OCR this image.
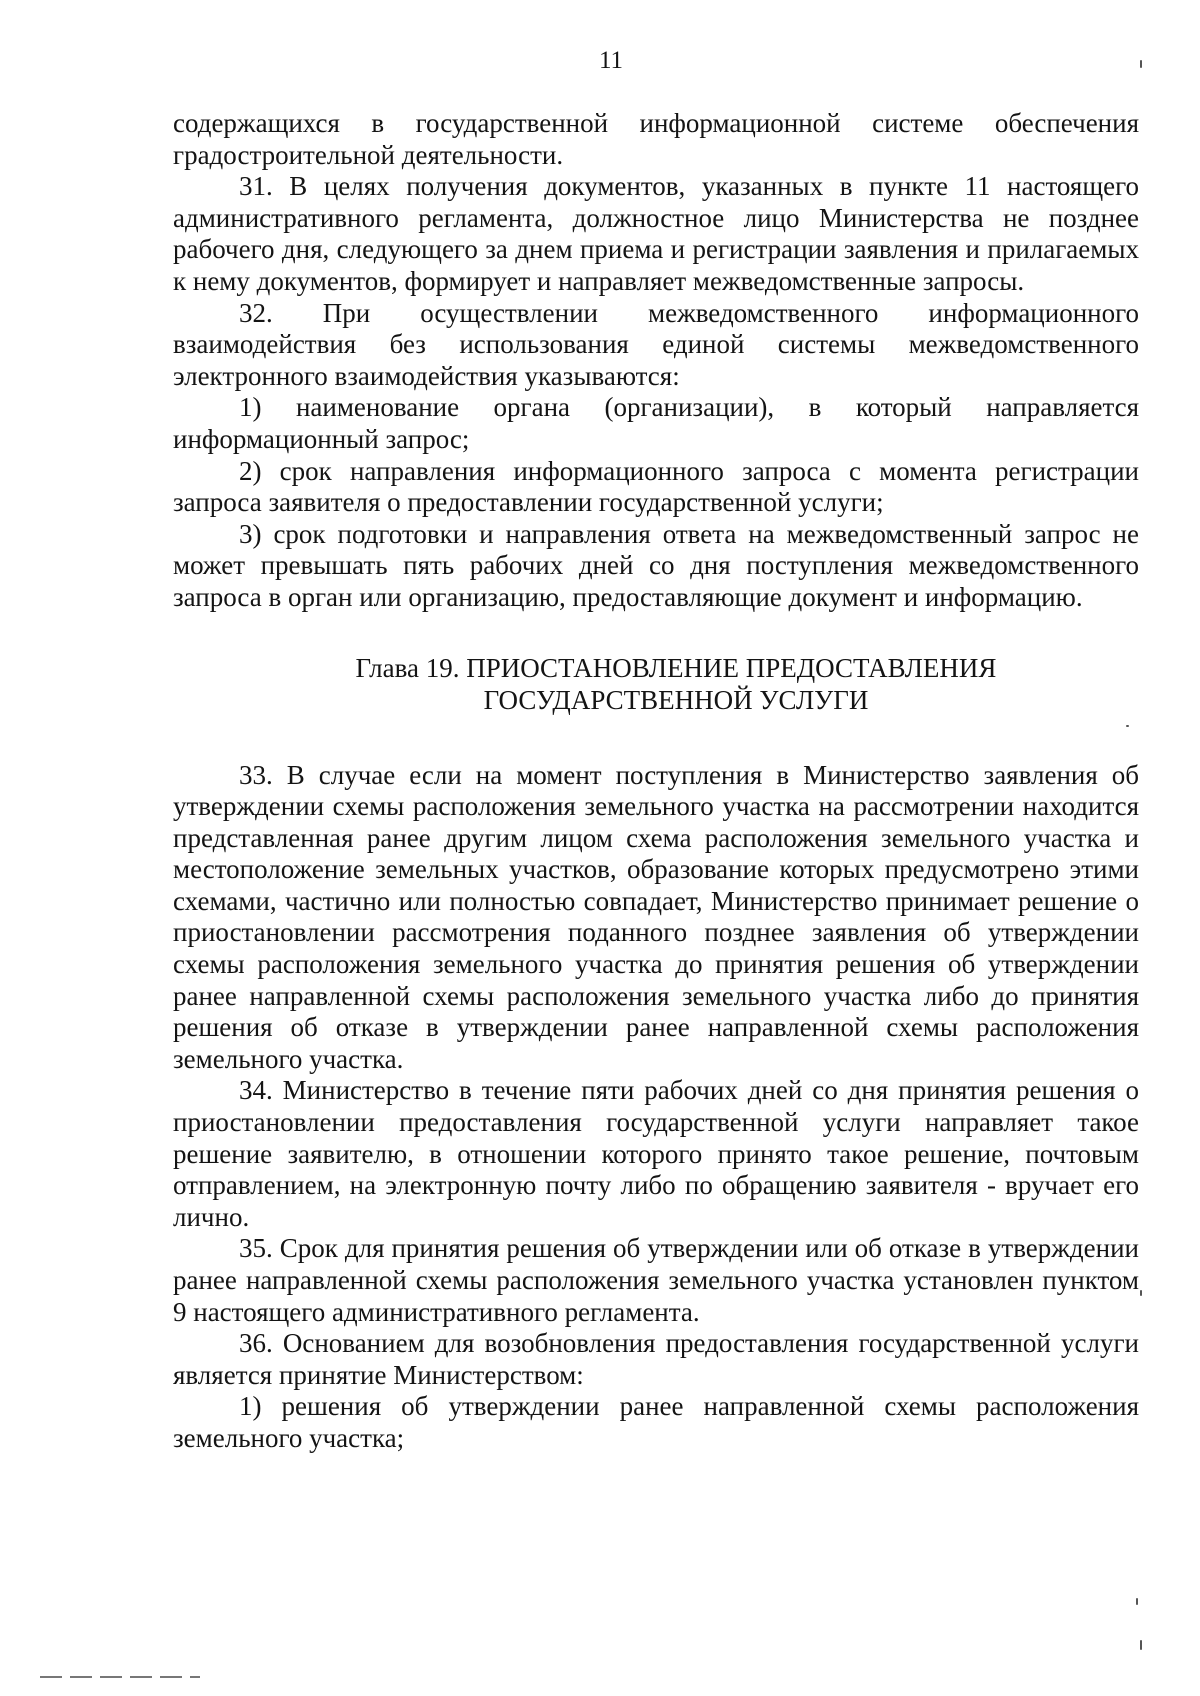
11

содержащихся в государственной информационной системе обеспечения градостроительной деятельности.

31. В целях получения документов, указанных в пункте 11 настоящего административного регламента, должностное лицо Министерства не позднее рабочего дня, следующего за днем приема и регистрации заявления и прилагаемых к нему документов, формирует и направляет межведомственные запросы.

32. При осуществлении межведомственного информационного взаимодействия без использования единой системы межведомственного электронного взаимодействия указываются:

1) наименование органа (организации), в который направляется информационный запрос;

2) срок направления информационного запроса с момента регистрации запроса заявителя о предоставлении государственной услуги;

3) срок подготовки и направления ответа на межведомственный запрос не может превышать пять рабочих дней со дня поступления межведомственного запроса в орган или организацию, предоставляющие документ и информацию.

Глава 19. ПРИОСТАНОВЛЕНИЕ ПРЕДОСТАВЛЕНИЯ
ГОСУДАРСТВЕННОЙ УСЛУГИ

33. В случае если на момент поступления в Министерство заявления об утверждении схемы расположения земельного участка на рассмотрении находится представленная ранее другим лицом схема расположения земельного участка и местоположение земельных участков, образование которых предусмотрено этими схемами, частично или полностью совпадает, Министерство принимает решение о приостановлении рассмотрения поданного позднее заявления об утверждении схемы расположения земельного участка до принятия решения об утверждении ранее направленной схемы расположения земельного участка либо до принятия решения об отказе в утверждении ранее направленной схемы расположения земельного участка.

34. Министерство в течение пяти рабочих дней со дня принятия решения о приостановлении предоставления государственной услуги направляет такое решение заявителю, в отношении которого принято такое решение, почтовым отправлением, на электронную почту либо по обращению заявителя - вручает его лично.

35. Срок для принятия решения об утверждении или об отказе в утверждении ранее направленной схемы расположения земельного участка установлен пунктом 9 настоящего административного регламента.

36. Основанием для возобновления предоставления государственной услуги является принятие Министерством:

1) решения об утверждении ранее направленной схемы расположения земельного участка;
